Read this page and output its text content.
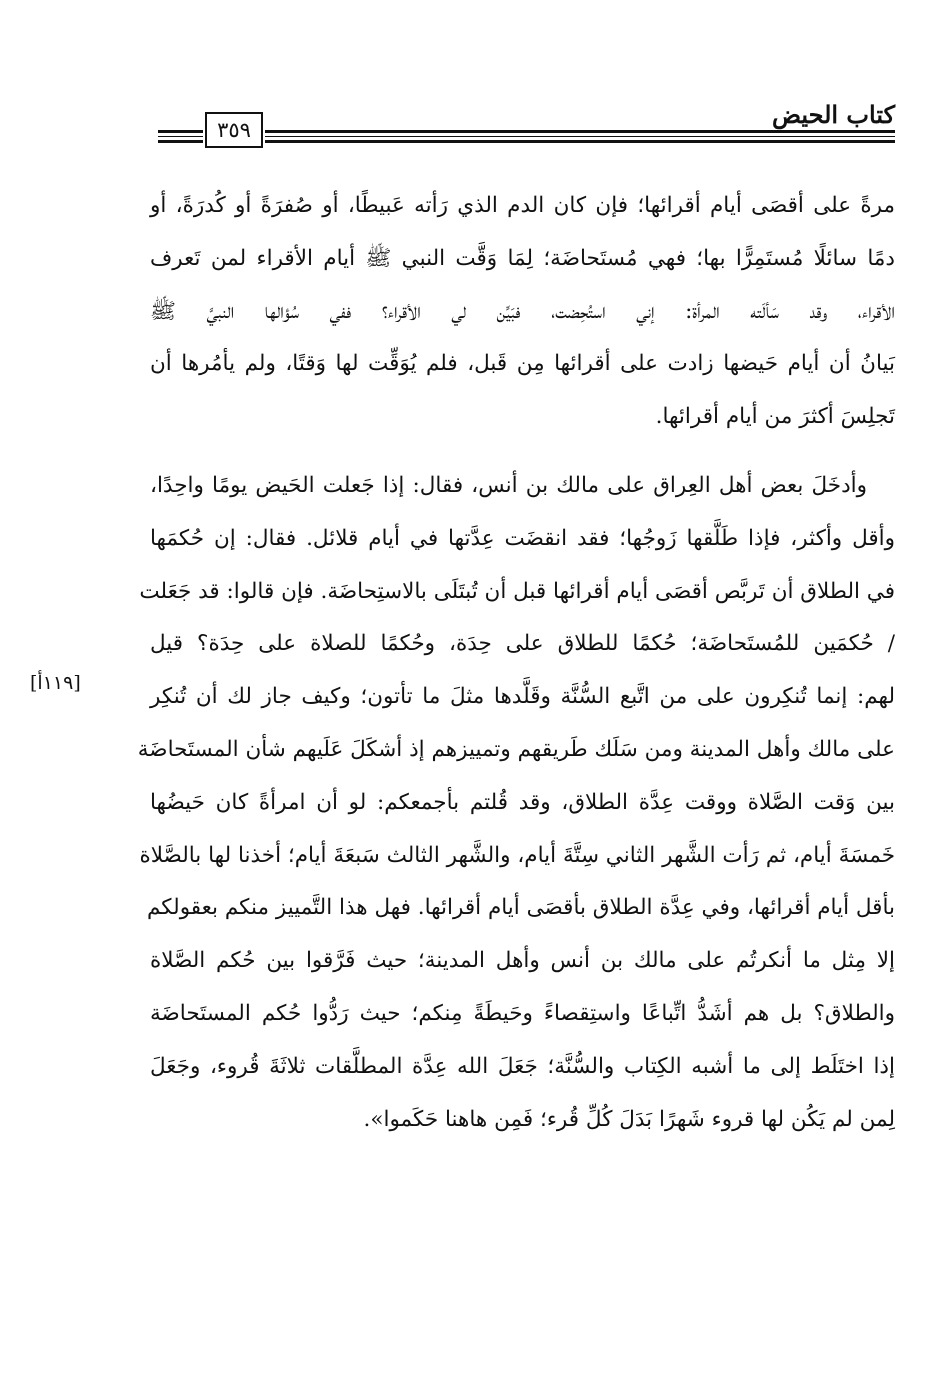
كتاب الحيض
٣٥٩
[١١٩أ]
مرةً على أقصَى أيام أقرائها؛ فإن كان الدم الذي رَأته عَبيطًا، أو صُفرَةً أو كُدرَةً، أو
دمًا سائلًا مُستَمِرًّا بها؛ فهي مُستَحاضَة؛ لِمَا وَقَّت النبي ﷺ أيام الأقراء لمن تَعرف
الأقراء، وقد سَألَته المرأة: إني استُحِضت، فبَيِّن لي الأقراء؟ ففي سُؤالها النبيَّ ﷺ
بَيانُ أن أيام حَيضها زادت على أقرائها مِن قَبل، فلم يُوَقِّت لها وَقتًا، ولم يأمُرها أن
تَجلِسَ أكثرَ من أيام أقرائها.
وأدخَلَ بعض أهل العِراق على مالك بن أنس، فقال: إذا جَعلت الحَيض يومًا واحِدًا،
وأقل وأكثر، فإذا طَلَّقها زَوجُها؛ فقد انقضَت عِدَّتها في أيام قلائل. فقال: إن حُكمَها
في الطلاق أن تَربَّص أقصَى أيام أقرائها قبل أن تُبتَلَى بالاستِحاضَة. فإن قالوا: قد جَعَلت
/ حُكمَين للمُستَحاضَة؛ حُكمًا للطلاق على حِدَة، وحُكمًا للصلاة على حِدَة؟ قيل
لهم: إنما تُنكِرون على من اتَّبع السُّنَّة وقَلَّدها مثلَ ما تأتون؛ وكيف جاز لك أن تُنكِر
على مالك وأهل المدينة ومن سَلَك طَريقهم وتمييزهم إذ أشكَلَ عَلَيهم شأن المستَحاضَة
بين وَقت الصَّلاة ووقت عِدَّة الطلاق، وقد قُلتم بأجمعكم: لو أن امرأةً كان حَيضُها
خَمسَةَ أيام، ثم رَأت الشَّهر الثاني سِتَّةَ أيام، والشَّهر الثالث سَبعَةَ أيام؛ أخذنا لها بالصَّلاة
بأقل أيام أقرائها، وفي عِدَّة الطلاق بأقصَى أيام أقرائها. فهل هذا التَّمييز منكم بعقولكم
إلا مِثل ما أنكرتُم على مالك بن أنس وأهل المدينة؛ حيث فَرَّقوا بين حُكم الصَّلاة
والطلاق؟ بل هم أشَدُّ اتِّباعًا واستِقصاءً وحَيطَةً مِنكم؛ حيث رَدُّوا حُكم المستَحاضَة
إذا اختَلَط إلى ما أشبه الكِتاب والسُّنَّة؛ جَعَلَ الله عِدَّة المطلَّقات ثلاثَةَ قُروء، وجَعَلَ
لِمن لم يَكُن لها قروء شَهرًا بَدَلَ كُلِّ قُرء؛ فَمِن هاهنا حَكَموا».
